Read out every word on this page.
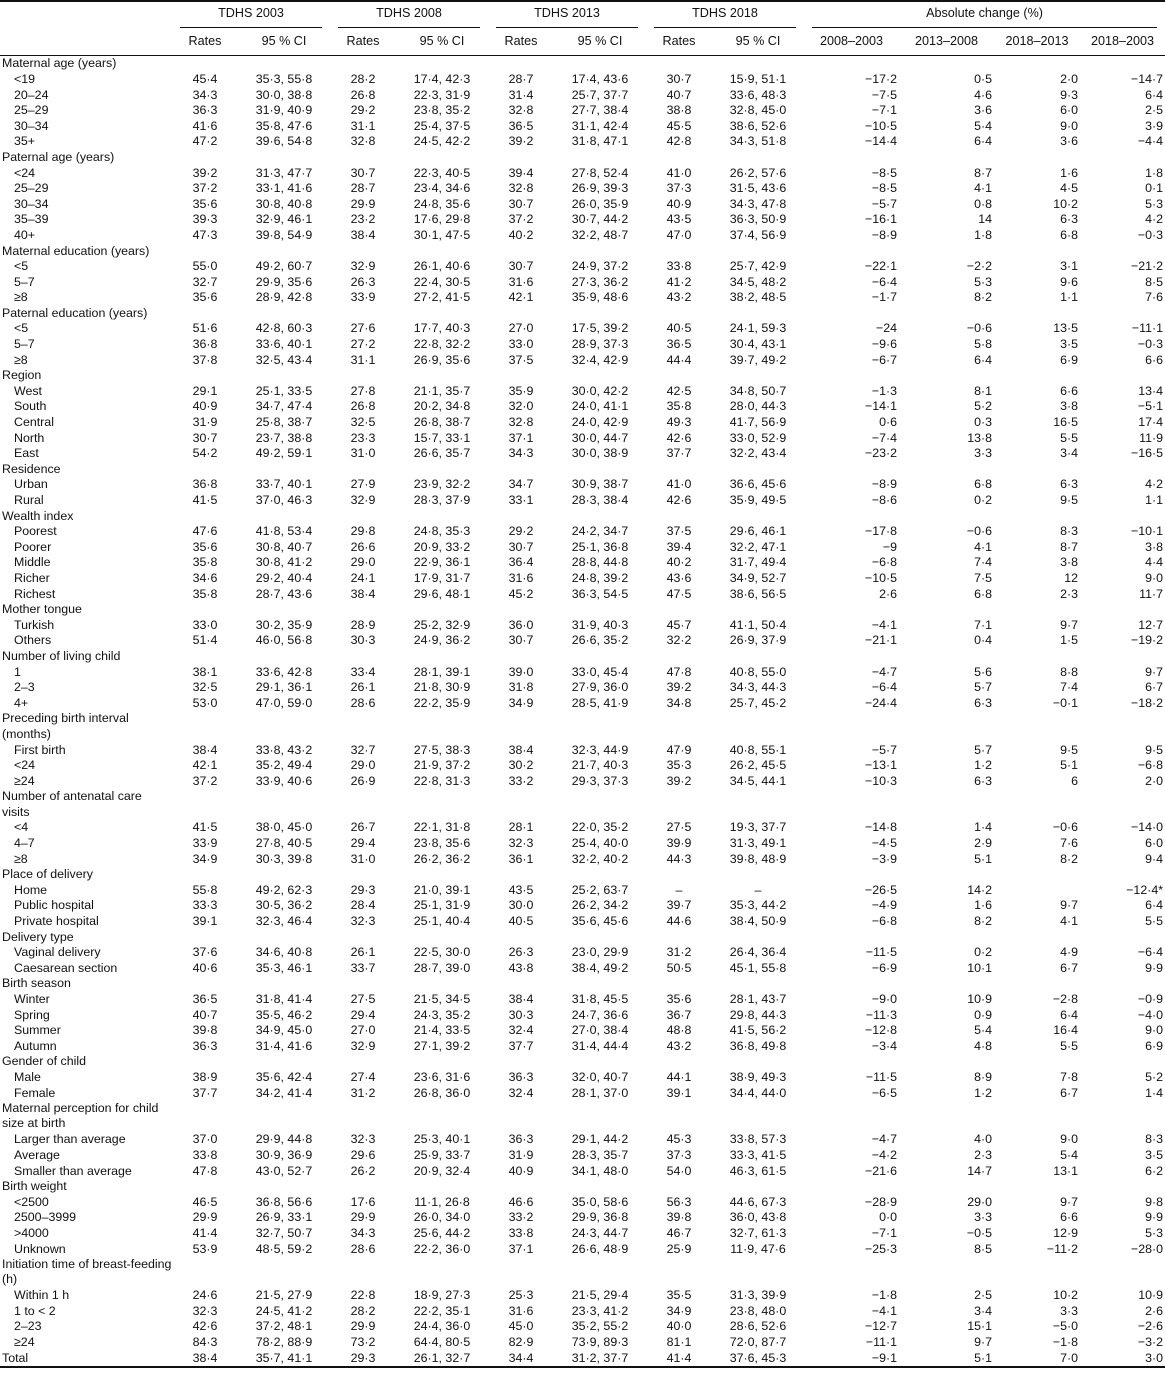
	TDHS 2003		TDHS 2008		TDHS 2013		TDHS 2018		Absolute change (%)			

	Rates	95 % CI	Rates	95 % CI	Rates	95 % CI	Rates	95 % CI	2008–2003	2013–2008	2018–2013	2018–2003
Maternal age (years)												
<19	45·4	35·3, 55·8	28·2	17·4, 42·3	28·7	17·4, 43·6	30·7	15·9, 51·1	−17·2	0·5	2·0	−14·7
20–24	34·3	30·0, 38·8	26·8	22·3, 31·9	31·4	25·7, 37·7	40·7	33·6, 48·3	−7·5	4·6	9·3	6·4
25–29	36·3	31·9, 40·9	29·2	23·8, 35·2	32·8	27·7, 38·4	38·8	32·8, 45·0	−7·1	3·6	6·0	2·5
30–34	41·6	35·8, 47·6	31·1	25·4, 37·5	36·5	31·1, 42·4	45·5	38·6, 52·6	−10·5	5·4	9·0	3·9
35+	47·2	39·6, 54·8	32·8	24·5, 42·2	39·2	31·8, 47·1	42·8	34·3, 51·8	−14·4	6·4	3·6	−4·4
Paternal age (years)												
<24	39·2	31·3, 47·7	30·7	22·3, 40·5	39·4	27·8, 52·4	41·0	26·2, 57·6	−8·5	8·7	1·6	1·8
25–29	37·2	33·1, 41·6	28·7	23·4, 34·6	32·8	26·9, 39·3	37·3	31·5, 43·6	−8·5	4·1	4·5	0·1
30–34	35·6	30·8, 40·8	29·9	24·8, 35·6	30·7	26·0, 35·9	40·9	34·3, 47·8	−5·7	0·8	10·2	5·3
35–39	39·3	32·9, 46·1	23·2	17·6, 29·8	37·2	30·7, 44·2	43·5	36·3, 50·9	−16·1	14	6·3	4·2
40+	47·3	39·8, 54·9	38·4	30·1, 47·5	40·2	32·2, 48·7	47·0	37·4, 56·9	−8·9	1·8	6·8	−0·3
Maternal education (years)												
<5	55·0	49·2, 60·7	32·9	26·1, 40·6	30·7	24·9, 37·2	33·8	25·7, 42·9	−22·1	−2·2	3·1	−21·2
5–7	32·7	29·9, 35·6	26·3	22·4, 30·5	31·6	27·3, 36·2	41·2	34·5, 48·2	−6·4	5·3	9·6	8·5
≥8	35·6	28·9, 42·8	33·9	27·2, 41·5	42·1	35·9, 48·6	43·2	38·2, 48·5	−1·7	8·2	1·1	7·6
Paternal education (years)												
<5	51·6	42·8, 60·3	27·6	17·7, 40·3	27·0	17·5, 39·2	40·5	24·1, 59·3	−24	−0·6	13·5	−11·1
5–7	36·8	33·6, 40·1	27·2	22·8, 32·2	33·0	28·9, 37·3	36·5	30·4, 43·1	−9·6	5·8	3·5	−0·3
≥8	37·8	32·5, 43·4	31·1	26·9, 35·6	37·5	32·4, 42·9	44·4	39·7, 49·2	−6·7	6·4	6·9	6·6
Region												
West	29·1	25·1, 33·5	27·8	21·1, 35·7	35·9	30·0, 42·2	42·5	34·8, 50·7	−1·3	8·1	6·6	13·4
South	40·9	34·7, 47·4	26·8	20·2, 34·8	32·0	24·0, 41·1	35·8	28·0, 44·3	−14·1	5·2	3·8	−5·1
Central	31·9	25·8, 38·7	32·5	26·8, 38·7	32·8	24·0, 42·9	49·3	41·7, 56·9	0·6	0·3	16·5	17·4
North	30·7	23·7, 38·8	23·3	15·7, 33·1	37·1	30·0, 44·7	42·6	33·0, 52·9	−7·4	13·8	5·5	11·9
East	54·2	49·2, 59·1	31·0	26·6, 35·7	34·3	30·0, 38·9	37·7	32·2, 43·4	−23·2	3·3	3·4	−16·5
Residence												
Urban	36·8	33·7, 40·1	27·9	23·9, 32·2	34·7	30·9, 38·7	41·0	36·6, 45·6	−8·9	6·8	6·3	4·2
Rural	41·5	37·0, 46·3	32·9	28·3, 37·9	33·1	28·3, 38·4	42·6	35·9, 49·5	−8·6	0·2	9·5	1·1
Wealth index												
Poorest	47·6	41·8, 53·4	29·8	24·8, 35·3	29·2	24·2, 34·7	37·5	29·6, 46·1	−17·8	−0·6	8·3	−10·1
Poorer	35·6	30·8, 40·7	26·6	20·9, 33·2	30·7	25·1, 36·8	39·4	32·2, 47·1	−9	4·1	8·7	3·8
Middle	35·8	30·8, 41·2	29·0	22·9, 36·1	36·4	28·8, 44·8	40·2	31·7, 49·4	−6·8	7·4	3·8	4·4
Richer	34·6	29·2, 40·4	24·1	17·9, 31·7	31·6	24·8, 39·2	43·6	34·9, 52·7	−10·5	7·5	12	9·0
Richest	35·8	28·7, 43·6	38·4	29·6, 48·1	45·2	36·3, 54·5	47·5	38·6, 56·5	2·6	6·8	2·3	11·7
Mother tongue												
Turkish	33·0	30·2, 35·9	28·9	25·2, 32·9	36·0	31·9, 40·3	45·7	41·1, 50·4	−4·1	7·1	9·7	12·7
Others	51·4	46·0, 56·8	30·3	24·9, 36·2	30·7	26·6, 35·2	32·2	26·9, 37·9	−21·1	0·4	1·5	−19·2
Number of living child												
1	38·1	33·6, 42·8	33·4	28·1, 39·1	39·0	33·0, 45·4	47·8	40·8, 55·0	−4·7	5·6	8·8	9·7
2–3	32·5	29·1, 36·1	26·1	21·8, 30·9	31·8	27·9, 36·0	39·2	34·3, 44·3	−6·4	5·7	7·4	6·7
4+	53·0	47·0, 59·0	28·6	22·2, 35·9	34·9	28·5, 41·9	34·8	25·7, 45·2	−24·4	6·3	−0·1	−18·2
Preceding birth interval (months)												
First birth	38·4	33·8, 43·2	32·7	27·5, 38·3	38·4	32·3, 44·9	47·9	40·8, 55·1	−5·7	5·7	9·5	9·5
<24	42·1	35·2, 49·4	29·0	21·9, 37·2	30·2	21·7, 40·3	35·3	26·2, 45·5	−13·1	1·2	5·1	−6·8
≥24	37·2	33·9, 40·6	26·9	22·8, 31·3	33·2	29·3, 37·3	39·2	34·5, 44·1	−10·3	6·3	6	2·0
Number of antenatal care visits												
<4	41·5	38·0, 45·0	26·7	22·1, 31·8	28·1	22·0, 35·2	27·5	19·3, 37·7	−14·8	1·4	−0·6	−14·0
4–7	33·9	27·8, 40·5	29·4	23·8, 35·6	32·3	25·4, 40·0	39·9	31·3, 49·1	−4·5	2·9	7·6	6·0
≥8	34·9	30·3, 39·8	31·0	26·2, 36·2	36·1	32·2, 40·2	44·3	39·8, 48·9	−3·9	5·1	8·2	9·4
Place of delivery												
Home	55·8	49·2, 62·3	29·3	21·0, 39·1	43·5	25·2, 63·7	–	–	−26·5	14·2		−12·4*
Public hospital	33·3	30·5, 36·2	28·4	25·1, 31·9	30·0	26·2, 34·2	39·7	35·3, 44·2	−4·9	1·6	9·7	6·4
Private hospital	39·1	32·3, 46·4	32·3	25·1, 40·4	40·5	35·6, 45·6	44·6	38·4, 50·9	−6·8	8·2	4·1	5·5
Delivery type												
Vaginal delivery	37·6	34·6, 40·8	26·1	22·5, 30·0	26·3	23·0, 29·9	31·2	26·4, 36·4	−11·5	0·2	4·9	−6·4
Caesarean section	40·6	35·3, 46·1	33·7	28·7, 39·0	43·8	38·4, 49·2	50·5	45·1, 55·8	−6·9	10·1	6·7	9·9
Birth season												
Winter	36·5	31·8, 41·4	27·5	21·5, 34·5	38·4	31·8, 45·5	35·6	28·1, 43·7	−9·0	10·9	−2·8	−0·9
Spring	40·7	35·5, 46·2	29·4	24·3, 35·2	30·3	24·7, 36·6	36·7	29·8, 44·3	−11·3	0·9	6·4	−4·0
Summer	39·8	34·9, 45·0	27·0	21·4, 33·5	32·4	27·0, 38·4	48·8	41·5, 56·2	−12·8	5·4	16·4	9·0
Autumn	36·3	31·4, 41·6	32·9	27·1, 39·2	37·7	31·4, 44·4	43·2	36·8, 49·8	−3·4	4·8	5·5	6·9
Gender of child												
Male	38·9	35·6, 42·4	27·4	23·6, 31·6	36·3	32·0, 40·7	44·1	38·9, 49·3	−11·5	8·9	7·8	5·2
Female	37·7	34·2, 41·4	31·2	26·8, 36·0	32·4	28·1, 37·0	39·1	34·4, 44·0	−6·5	1·2	6·7	1·4
Maternal perception for child size at birth												
Larger than average	37·0	29·9, 44·8	32·3	25·3, 40·1	36·3	29·1, 44·2	45·3	33·8, 57·3	−4·7	4·0	9·0	8·3
Average	33·8	30·9, 36·9	29·6	25·9, 33·7	31·9	28·3, 35·7	37·3	33·3, 41·5	−4·2	2·3	5·4	3·5
Smaller than average	47·8	43·0, 52·7	26·2	20·9, 32·4	40·9	34·1, 48·0	54·0	46·3, 61·5	−21·6	14·7	13·1	6·2
Birth weight												
<2500	46·5	36·8, 56·6	17·6	11·1, 26·8	46·6	35·0, 58·6	56·3	44·6, 67·3	−28·9	29·0	9·7	9·8
2500–3999	29·9	26·9, 33·1	29·9	26·0, 34·0	33·2	29·9, 36·8	39·8	36·0, 43·8	0·0	3·3	6·6	9·9
>4000	41·4	32·7, 50·7	34·3	25·6, 44·2	33·8	24·3, 44·7	46·7	32·7, 61·3	−7·1	−0·5	12·9	5·3
Unknown	53·9	48·5, 59·2	28·6	22·2, 36·0	37·1	26·6, 48·9	25·9	11·9, 47·6	−25·3	8·5	−11·2	−28·0
Initiation time of breast-feeding (h)												
Within 1 h	24·6	21·5, 27·9	22·8	18·9, 27·3	25·3	21·5, 29·4	35·5	31·3, 39·9	−1·8	2·5	10·2	10·9
1 to < 2	32·3	24·5, 41·2	28·2	22·2, 35·1	31·6	23·3, 41·2	34·9	23·8, 48·0	−4·1	3·4	3·3	2·6
2–23	42·6	37·2, 48·1	29·9	24·4, 36·0	45·0	35·2, 55·2	40·0	28·6, 52·6	−12·7	15·1	−5·0	−2·6
≥24	84·3	78·2, 88·9	73·2	64·4, 80·5	82·9	73·9, 89·3	81·1	72·0, 87·7	−11·1	9·7	−1·8	−3·2
Total	38·4	35·7, 41·1	29·3	26·1, 32·7	34·4	31·2, 37·7	41·4	37·6, 45·3	−9·1	5·1	7·0	3·0
